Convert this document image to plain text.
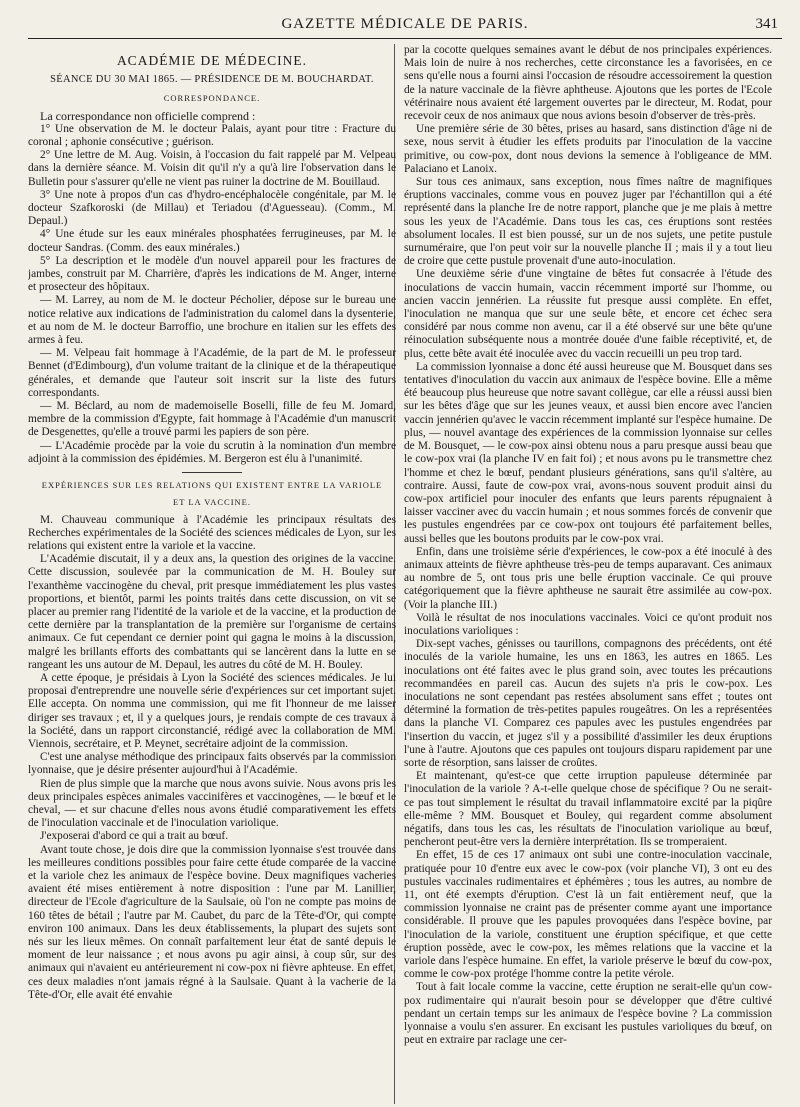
GAZETTE MÉDICALE DE PARIS.	341
ACADÉMIE DE MÉDECINE.
SÉANCE DU 30 MAI 1865. — PRÉSIDENCE DE M. BOUCHARDAT.
CORRESPONDANCE.

La correspondance non officielle comprend :

1° Une observation de M. le docteur Palais, ayant pour titre : Fracture du coronal ; aphonie consécutive ; guérison.

2° Une lettre de M. Aug. Voisin, à l'occasion du fait rappelé par M. Velpeau dans la dernière séance. M. Voisin dit qu'il n'y a qu'à lire l'observation dans le Bulletin pour s'assurer qu'elle ne vient pas ruiner la doctrine de M. Bouillaud.

3° Une note à propos d'un cas d'hydro-encéphalocèle congénitale, par M. le docteur Szafkoroski (de Millau) et Teriadou (d'Aguesseau). (Comm., M. Depaul.)

4° Une étude sur les eaux minérales phosphatées ferrugineuses, par M. le docteur Sandras. (Comm. des eaux minérales.)

5° La description et le modèle d'un nouvel appareil pour les fractures de jambes, construit par M. Charrière, d'après les indications de M. Anger, interne et prosecteur des hôpitaux.

— M. Larrey, au nom de M. le docteur Pécholier, dépose sur le bureau une notice relative aux indications de l'administration du calomel dans la dysenterie, et au nom de M. le docteur Barroffio, une brochure en italien sur les effets des armes à feu.

— M. Velpeau fait hommage à l'Académie, de la part de M. le professeur Bennet (d'Edimbourg), d'un volume traitant de la clinique et de la thérapeutique générales, et demande que l'auteur soit inscrit sur la liste des futurs correspondants.

— M. Béclard, au nom de mademoiselle Boselli, fille de feu M. Jomard, membre de la commission d'Egypte, fait hommage à l'Académie d'un manuscrit de Desgenettes, qu'elle a trouvé parmi les papiers de son père.

— L'Académie procède par la voie du scrutin à la nomination d'un membre adjoint à la commission des épidémies. M. Bergeron est élu à l'unanimité.

EXPÉRIENCES SUR LES RELATIONS QUI EXISTENT ENTRE LA VARIOLE
ET LA VACCINE.

M. Chauveau communique à l'Académie les principaux résultats des Recherches expérimentales de la Société des sciences médicales de Lyon, sur les relations qui existent entre la variole et la vaccine.

L'Académie discutait, il y a deux ans, la question des origines de la vaccine. Cette discussion, soulevée par la communication de M. H. Bouley sur l'exanthème vaccinogène du cheval, prit presque immédiatement les plus vastes proportions, et bientôt, parmi les points traités dans cette discussion, on vit se placer au premier rang l'identité de la variole et de la vaccine, et la production de cette dernière par la transplantation de la première sur l'organisme de certains animaux. Ce fut cependant ce dernier point qui gagna le moins à la discussion, malgré les brillants efforts des combattants qui se lancèrent dans la lutte en se rangeant les uns autour de M. Depaul, les autres du côté de M. H. Bouley.

A cette époque, je présidais à Lyon la Société des sciences médicales. Je lui proposai d'entreprendre une nouvelle série d'expériences sur cet important sujet. Elle accepta. On nomma une commission, qui me fit l'honneur de me laisser diriger ses travaux ; et, il y a quelques jours, je rendais compte de ces travaux à la Société, dans un rapport circonstancié, rédigé avec la collaboration de MM. Viennois, secrétaire, et P. Meynet, secrétaire adjoint de la commission.

C'est une analyse méthodique des principaux faits observés par la commission lyonnaise, que je désire présenter aujourd'hui à l'Académie.

Rien de plus simple que la marche que nous avons suivie. Nous avons pris les deux principales espèces animales vaccinifères et vaccinogènes, — le bœuf et le cheval, — et sur chacune d'elles nous avons étudié comparativement les effets de l'inoculation vaccinale et de l'inoculation variolique.

J'exposerai d'abord ce qui a trait au bœuf.

Avant toute chose, je dois dire que la commission lyonnaise s'est trouvée dans les meilleures conditions possibles pour faire cette étude comparée de la vaccine et la variole chez les animaux de l'espèce bovine. Deux magnifiques vacheries avaient été mises entièrement à notre disposition : l'une par M. Lanillier, directeur de l'Ecole d'agriculture de la Saulsaie, où l'on ne compte pas moins de 160 têtes de bétail ; l'autre par M. Caubet, du parc de la Tête-d'Or, qui compte environ 100 animaux. Dans les deux établissements, la plupart des sujets sont nés sur les lieux mêmes. On connaît parfaitement leur état de santé depuis le moment de leur naissance ; et nous avons pu agir ainsi, à coup sûr, sur des animaux qui n'avaient eu antérieurement ni cow-pox ni fièvre aphteuse. En effet, ces deux maladies n'ont jamais régné à la Saulsaie. Quant à la vacherie de la Tête-d'Or, elle avait été envahie

par la cocotte quelques semaines avant le début de nos principales expériences. Mais loin de nuire à nos recherches, cette circonstance les a favorisées, en ce sens qu'elle nous a fourni ainsi l'occasion de résoudre accessoirement la question de la nature vaccinale de la fièvre aphtheuse. Ajoutons que les portes de l'Ecole vétérinaire nous avaient été largement ouvertes par le directeur, M. Rodat, pour recevoir ceux de nos animaux que nous avions besoin d'observer de très-près.

Une première série de 30 bêtes, prises au hasard, sans distinction d'âge ni de sexe, nous servit à étudier les effets produits par l'inoculation de la vaccine primitive, ou cow-pox, dont nous devions la semence à l'obligeance de MM. Palaciano et Lanoix.

Sur tous ces animaux, sans exception, nous fîmes naître de magnifiques éruptions vaccinales, comme vous en pouvez juger par l'échantillon qui a été représenté dans la planche Ire de notre rapport, planche que je me plais à mettre sous les yeux de l'Académie. Dans tous les cas, ces éruptions sont restées absolument locales. Il est bien poussé, sur un de nos sujets, une petite pustule surnuméraire, que l'on peut voir sur la nouvelle planche II ; mais il y a tout lieu de croire que cette pustule provenait d'une auto-inoculation.

Une deuxième série d'une vingtaine de bêtes fut consacrée à l'étude des inoculations de vaccin humain, vaccin récemment importé sur l'homme, ou ancien vaccin jennérien. La réussite fut presque aussi complète. En effet, l'inoculation ne manqua que sur une seule bête, et encore cet échec sera considéré par nous comme non avenu, car il a été observé sur une bête qu'une réinoculation subséquente nous a montrée douée d'une faible réceptivité, et, de plus, cette bête avait été inoculée avec du vaccin recueilli un peu trop tard.

La commission lyonnaise a donc été aussi heureuse que M. Bousquet dans ses tentatives d'inoculation du vaccin aux animaux de l'espèce bovine. Elle a même été beaucoup plus heureuse que notre savant collègue, car elle a réussi aussi bien sur les bêtes d'âge que sur les jeunes veaux, et aussi bien encore avec l'ancien vaccin jennérien qu'avec le vaccin récemment implanté sur l'espèce humaine. De plus, — nouvel avantage des expériences de la commission lyonnaise sur celles de M. Bousquet, — le cow-pox ainsi obtenu nous a paru presque aussi beau que le cow-pox vrai (la planche IV en fait foi) ; et nous avons pu le transmettre chez l'homme et chez le bœuf, pendant plusieurs générations, sans qu'il s'altère, au contraire. Aussi, faute de cow-pox vrai, avons-nous souvent produit ainsi du cow-pox artificiel pour inoculer des enfants que leurs parents répugnaient à laisser vacciner avec du vaccin humain ; et nous sommes forcés de convenir que les pustules engendrées par ce cow-pox ont toujours été parfaitement belles, aussi belles que les boutons produits par le cow-pox vrai.

Enfin, dans une troisième série d'expériences, le cow-pox a été inoculé à des animaux atteints de fièvre aphtheuse très-peu de temps auparavant. Ces animaux au nombre de 5, ont tous pris une belle éruption vaccinale. Ce qui prouve catégoriquement que la fièvre aphtheuse ne saurait être assimilée au cow-pox. (Voir la planche III.)

Voilà le résultat de nos inoculations vaccinales. Voici ce qu'ont produit nos inoculations varioliques :

Dix-sept vaches, génisses ou taurillons, compagnons des précédents, ont été inoculés de la variole humaine, les uns en 1863, les autres en 1865. Les inoculations ont été faites avec le plus grand soin, avec toutes les précautions recommandées en pareil cas. Aucun des sujets n'a pris le cow-pox. Les inoculations ne sont cependant pas restées absolument sans effet ; toutes ont déterminé la formation de très-petites papules rougeâtres. On les a représentées dans la planche VI. Comparez ces papules avec les pustules engendrées par l'insertion du vaccin, et jugez s'il y a possibilité d'assimiler les deux éruptions l'une à l'autre. Ajoutons que ces papules ont toujours disparu rapidement par une sorte de résorption, sans laisser de croûtes.

Et maintenant, qu'est-ce que cette irruption papuleuse déterminée par l'inoculation de la variole ? A-t-elle quelque chose de spécifique ? Ou ne serait-ce pas tout simplement le résultat du travail inflammatoire excité par la piqûre elle-même ? MM. Bousquet et Bouley, qui regardent comme absolument négatifs, dans tous les cas, les résultats de l'inoculation variolique au bœuf, pencheront peut-être vers la dernière interprétation. Ils se tromperaient.

En effet, 15 de ces 17 animaux ont subi une contre-inoculation vaccinale, pratiquée pour 10 d'entre eux avec le cow-pox (voir planche VI), 3 ont eu des pustules vaccinales rudimentaires et éphémères ; tous les autres, au nombre de 11, ont été exempts d'éruption. C'est là un fait entièrement neuf, que la commission lyonnaise ne craint pas de présenter comme ayant une importance considérable. Il prouve que les papules provoquées dans l'espèce bovine, par l'inoculation de la variole, constituent une éruption spécifique, et que cette éruption possède, avec le cow-pox, les mêmes relations que la vaccine et la variole dans l'espèce humaine. En effet, la variole préserve le bœuf du cow-pox, comme le cow-pox protége l'homme contre la petite vérole.

Tout à fait locale comme la vaccine, cette éruption ne serait-elle qu'un cow-pox rudimentaire qui n'aurait besoin pour se développer que d'être cultivé pendant un certain temps sur les animaux de l'espèce bovine ? La commission lyonnaise a voulu s'en assurer. En excisant les pustules varioliques du bœuf, on peut en extraire par raclage une cer-
